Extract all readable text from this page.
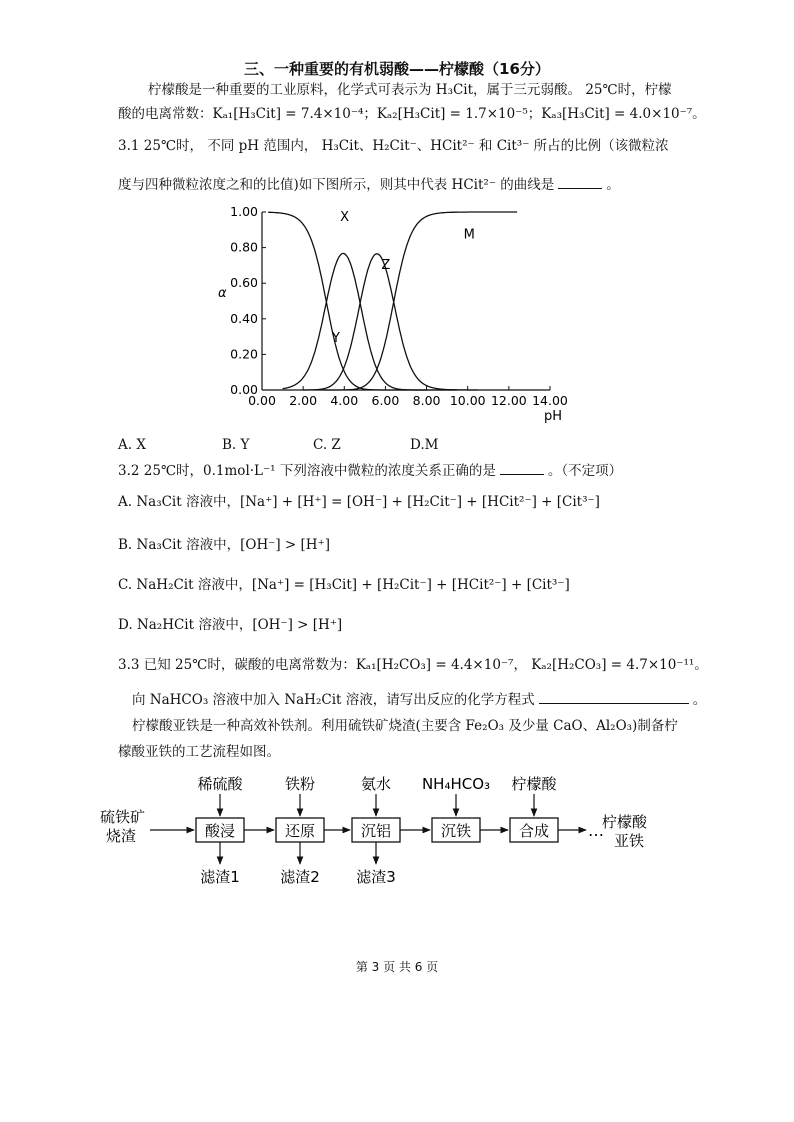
三、一种重要的有机弱酸——柠檬酸（16分）
柠檬酸是一种重要的工业原料，化学式可表示为 H₃Cit，属于三元弱酸。 25℃时，柠檬
酸的电离常数：Kₐ₁[H₃Cit] = 7.4×10⁻⁴；Kₐ₂[H₃Cit] = 1.7×10⁻⁵；Kₐ₃[H₃Cit] = 4.0×10⁻⁷。
3.1 25℃时， 不同 pH 范围内， H₃Cit、H₂Cit⁻、HCit²⁻ 和 Cit³⁻ 所占的比例（该微粒浓
度与四种微粒浓度之和的比值)如下图所示，则其中代表 HCit²⁻ 的曲线是	。
0.00 2.00 4.00 6.00 8.00 10.00 12.00 14.00
0.00
0.20
0.40
0.60
0.80
1.00	X
Y
Z
M
α
pH
A. X	B. Y	C. Z	D.M
3.2 25℃时，0.1mol·L⁻¹ 下列溶液中微粒的浓度关系正确的是	。（不定项）
A. Na₃Cit 溶液中，[Na⁺] + [H⁺] = [OH⁻] + [H₂Cit⁻] + [HCit²⁻] + [Cit³⁻]
B. Na₃Cit 溶液中，[OH⁻] > [H⁺]
C. NaH₂Cit 溶液中，[Na⁺] = [H₃Cit] + [H₂Cit⁻] + [HCit²⁻] + [Cit³⁻]
D. Na₂HCit 溶液中，[OH⁻] > [H⁺]
3.3 已知 25℃时，碳酸的电离常数为：Kₐ₁[H₂CO₃] = 4.4×10⁻⁷， Kₐ₂[H₂CO₃] = 4.7×10⁻¹¹。
向 NaHCO₃ 溶液中加入 NaH₂Cit 溶液，请写出反应的化学方程式	。
柠檬酸亚铁是一种高效补铁剂。利用硫铁矿烧渣(主要含 Fe₂O₃ 及少量 CaO、Al₂O₃)制备柠
檬酸亚铁的工艺流程如图。
硫铁矿
烧渣	酸浸	还原	沉铝	沉铁	合成 …
柠檬酸
亚铁
稀硫酸	铁粉	氨水 NH₄HCO₃ 柠檬酸
滤渣1	滤渣2 滤渣3
第 3 页 共 6 页
